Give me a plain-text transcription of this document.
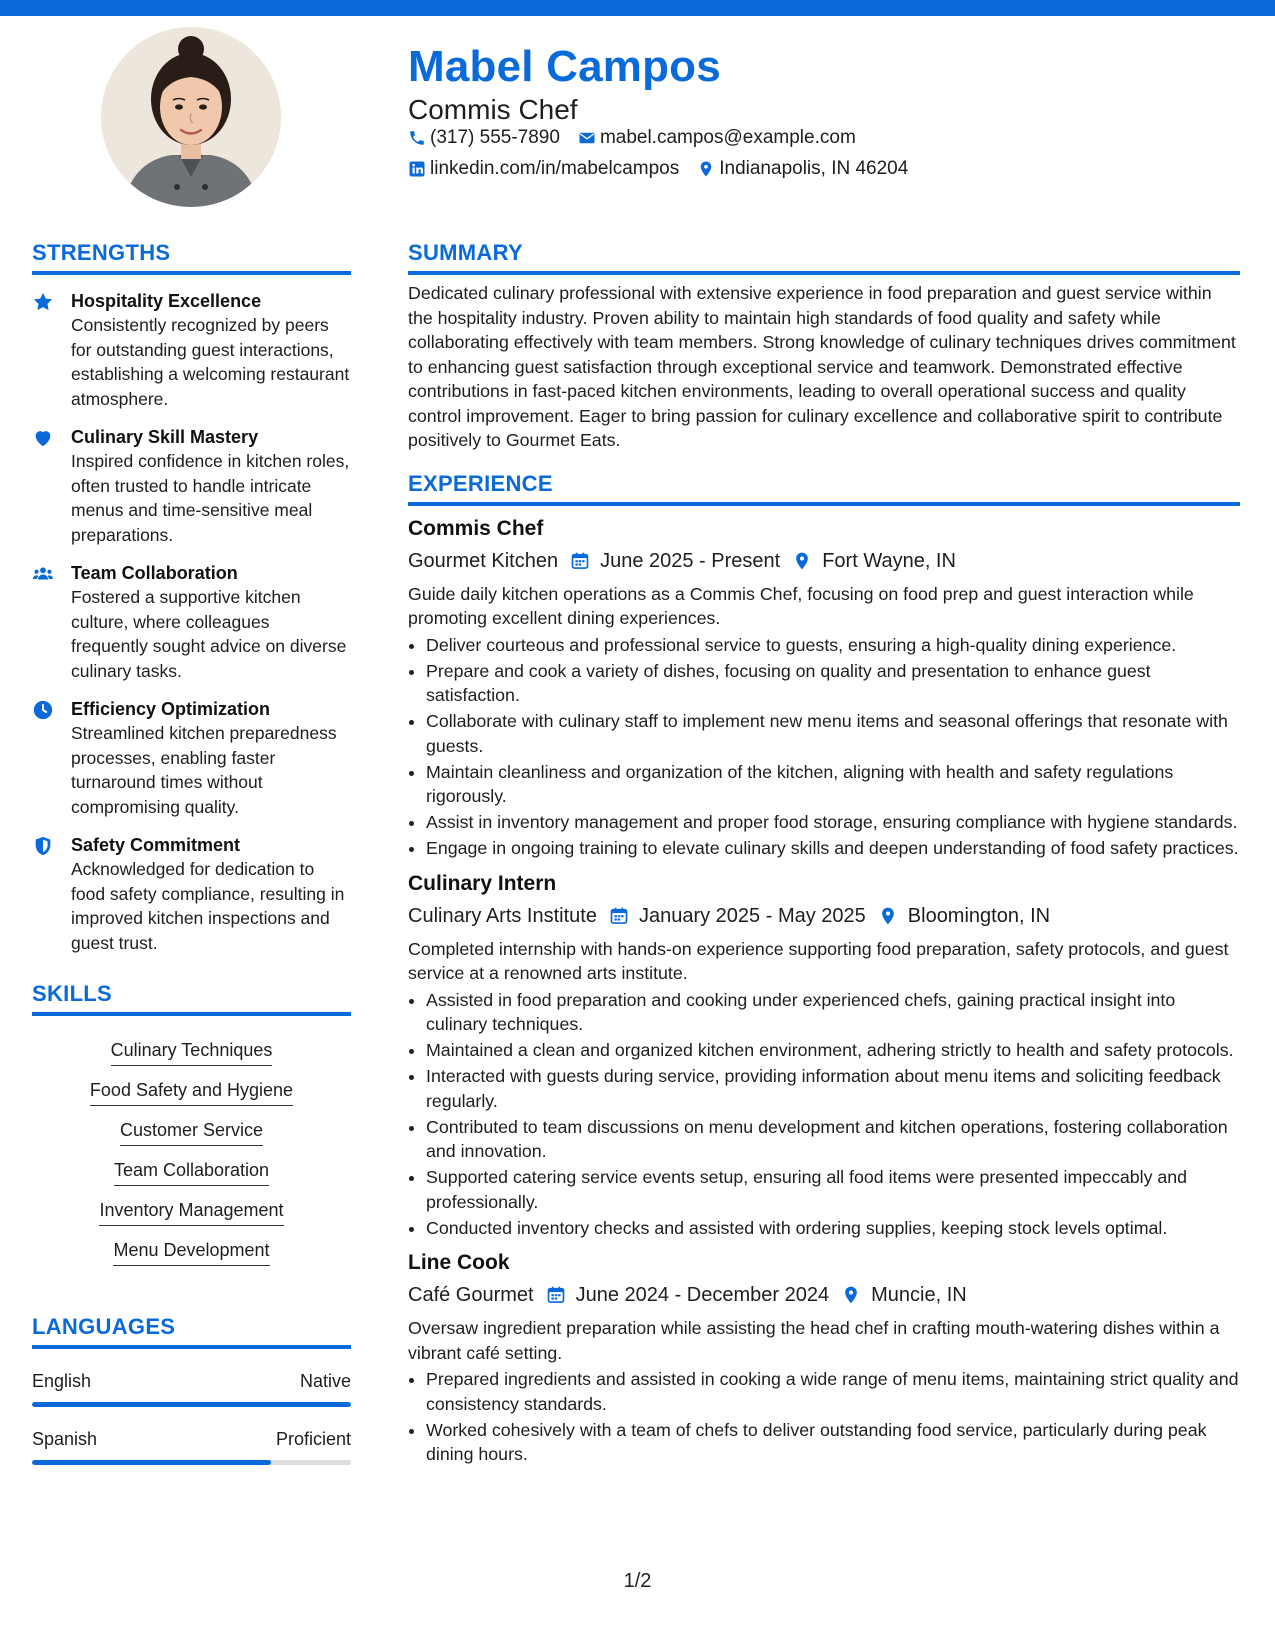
Mabel Campos
Commis Chef
(317) 555-7890 mabel.campos@example.com
linkedin.com/in/mabelcampos Indianapolis, IN 46204
STRENGTHS
Hospitality Excellence
Consistently recognized by peers for outstanding guest interactions, establishing a welcoming restaurant atmosphere.
Culinary Skill Mastery
Inspired confidence in kitchen roles, often trusted to handle intricate menus and time-sensitive meal preparations.
Team Collaboration
Fostered a supportive kitchen culture, where colleagues frequently sought advice on diverse culinary tasks.
Efficiency Optimization
Streamlined kitchen preparedness processes, enabling faster turnaround times without compromising quality.
Safety Commitment
Acknowledged for dedication to food safety compliance, resulting in improved kitchen inspections and guest trust.
SKILLS
Culinary Techniques
Food Safety and Hygiene
Customer Service
Team Collaboration
Inventory Management
Menu Development
LANGUAGES
English	Native
Spanish	Proficient
SUMMARY

Dedicated culinary professional with extensive experience in food preparation and guest service within the hospitality industry. Proven ability to maintain high standards of food quality and safety while collaborating effectively with team members. Strong knowledge of culinary techniques drives commitment to enhancing guest satisfaction through exceptional service and teamwork. Demonstrated effective contributions in fast-paced kitchen environments, leading to overall operational success and quality control improvement. Eager to bring passion for culinary excellence and collaborative spirit to contribute positively to Gourmet Eats.

EXPERIENCE
Commis Chef
Gourmet Kitchen June 2025 - Present Fort Wayne, IN
Guide daily kitchen operations as a Commis Chef, focusing on food prep and guest interaction while promoting excellent dining experiences.
• Deliver courteous and professional service to guests, ensuring a high-quality dining experience.
• Prepare and cook a variety of dishes, focusing on quality and presentation to enhance guest satisfaction.
• Collaborate with culinary staff to implement new menu items and seasonal offerings that resonate with guests.
• Maintain cleanliness and organization of the kitchen, aligning with health and safety regulations rigorously.
• Assist in inventory management and proper food storage, ensuring compliance with hygiene standards.
• Engage in ongoing training to elevate culinary skills and deepen understanding of food safety practices.
Culinary Intern
Culinary Arts Institute January 2025 - May 2025 Bloomington, IN
Completed internship with hands-on experience supporting food preparation, safety protocols, and guest service at a renowned arts institute.
• Assisted in food preparation and cooking under experienced chefs, gaining practical insight into culinary techniques.
• Maintained a clean and organized kitchen environment, adhering strictly to health and safety protocols.
• Interacted with guests during service, providing information about menu items and soliciting feedback regularly.
• Contributed to team discussions on menu development and kitchen operations, fostering collaboration and innovation.
• Supported catering service events setup, ensuring all food items were presented impeccably and professionally.
• Conducted inventory checks and assisted with ordering supplies, keeping stock levels optimal.
Line Cook
Café Gourmet June 2024 - December 2024 Muncie, IN
Oversaw ingredient preparation while assisting the head chef in crafting mouth-watering dishes within a vibrant café setting.
• Prepared ingredients and assisted in cooking a wide range of menu items, maintaining strict quality and consistency standards.
• Worked cohesively with a team of chefs to deliver outstanding food service, particularly during peak dining hours.
1/2
